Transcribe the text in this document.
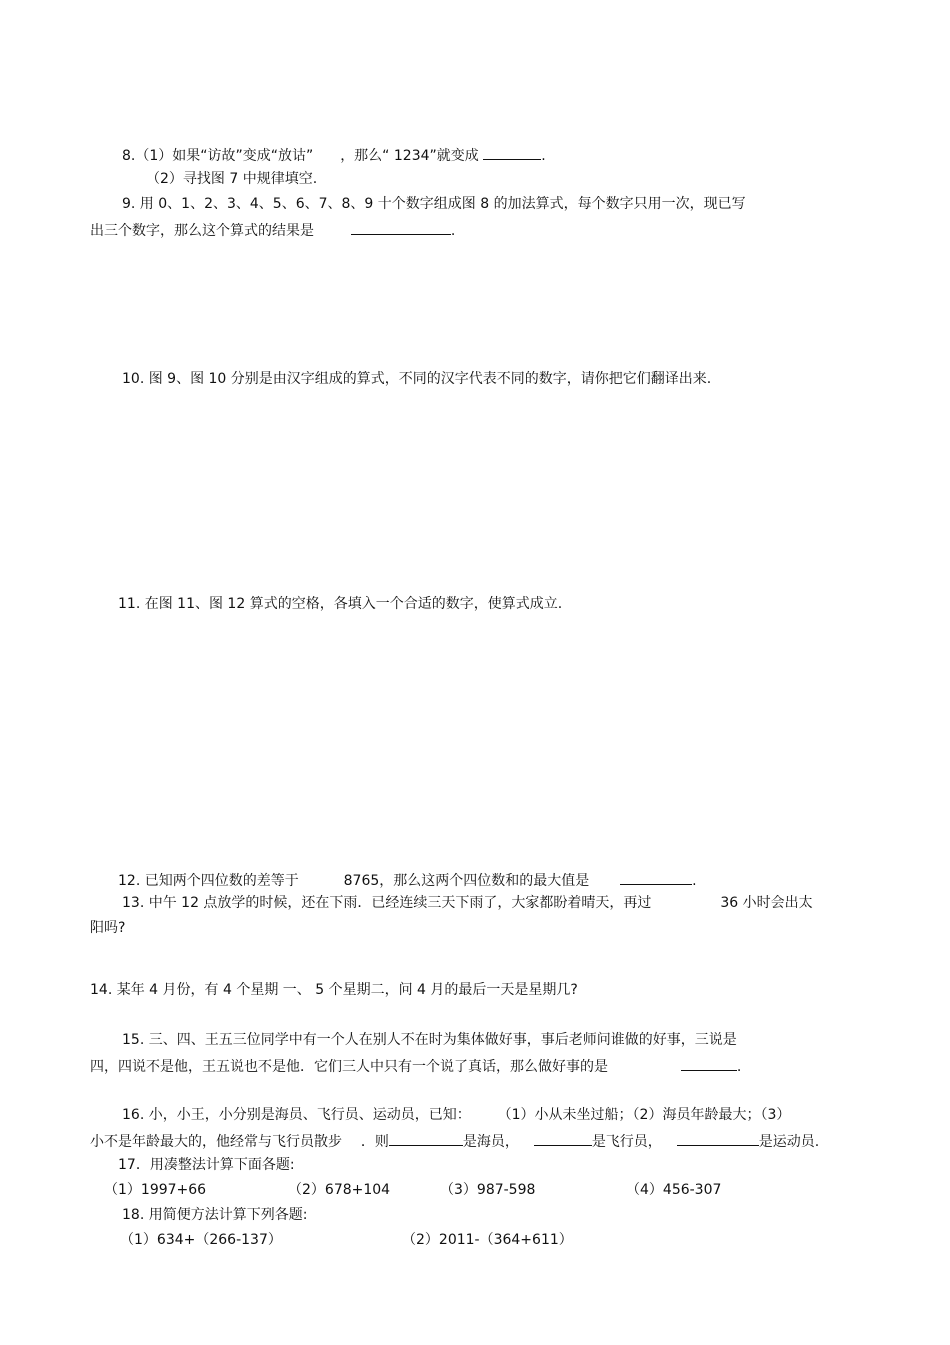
8.（1）如果“访故”变成“放诂” ，那么“ 1234”就变成	.
（2）寻找图 7 中规律填空.
9. 用 0、1、2、3、4、5、6、7、8、9 十个数字组成图 8 的加法算式，每个数字只用一次，现已写
出三个数字，那么这个算式的结果是	.
10. 图 9、图 10 分别是由汉字组成的算式，不同的汉字代表不同的数字，请你把它们翻译出来.
11. 在图 11、图 12 算式的空格，各填入一个合适的数字，使算式成立.
12. 已知两个四位数的差等于	8765，那么这两个四位数和的最大值是	.
13. 中午 12 点放学的时候，还在下雨．已经连续三天下雨了，大家都盼着晴天，再过	36 小时会出太
阳吗?
14. 某年 4 月份，有 4 个星期 一、 5 个星期二，问 4 月的最后一天是星期几?
15. 三、四、王五三位同学中有一个人在别人不在时为集体做好事，事后老师问谁做的好事，三说是
四，四说不是他，王五说也不是他．它们三人中只有一个说了真话，那么做好事的是	.
16. 小，小王，小分别是海员、飞行员、运动员，已知： （1）小从未坐过船；（2）海员年龄最大；（3）
小不是年龄最大的，他经常与飞行员散步 ．则	是海员，	是飞行员，	是运动员.
17．用凑整法计算下面各题:
（1）1997+66	（2）678+104	（3）987-598	（4）456-307
18. 用简便方法计算下列各题:
（1）634+（266-137）	（2）2011-（364+611）
